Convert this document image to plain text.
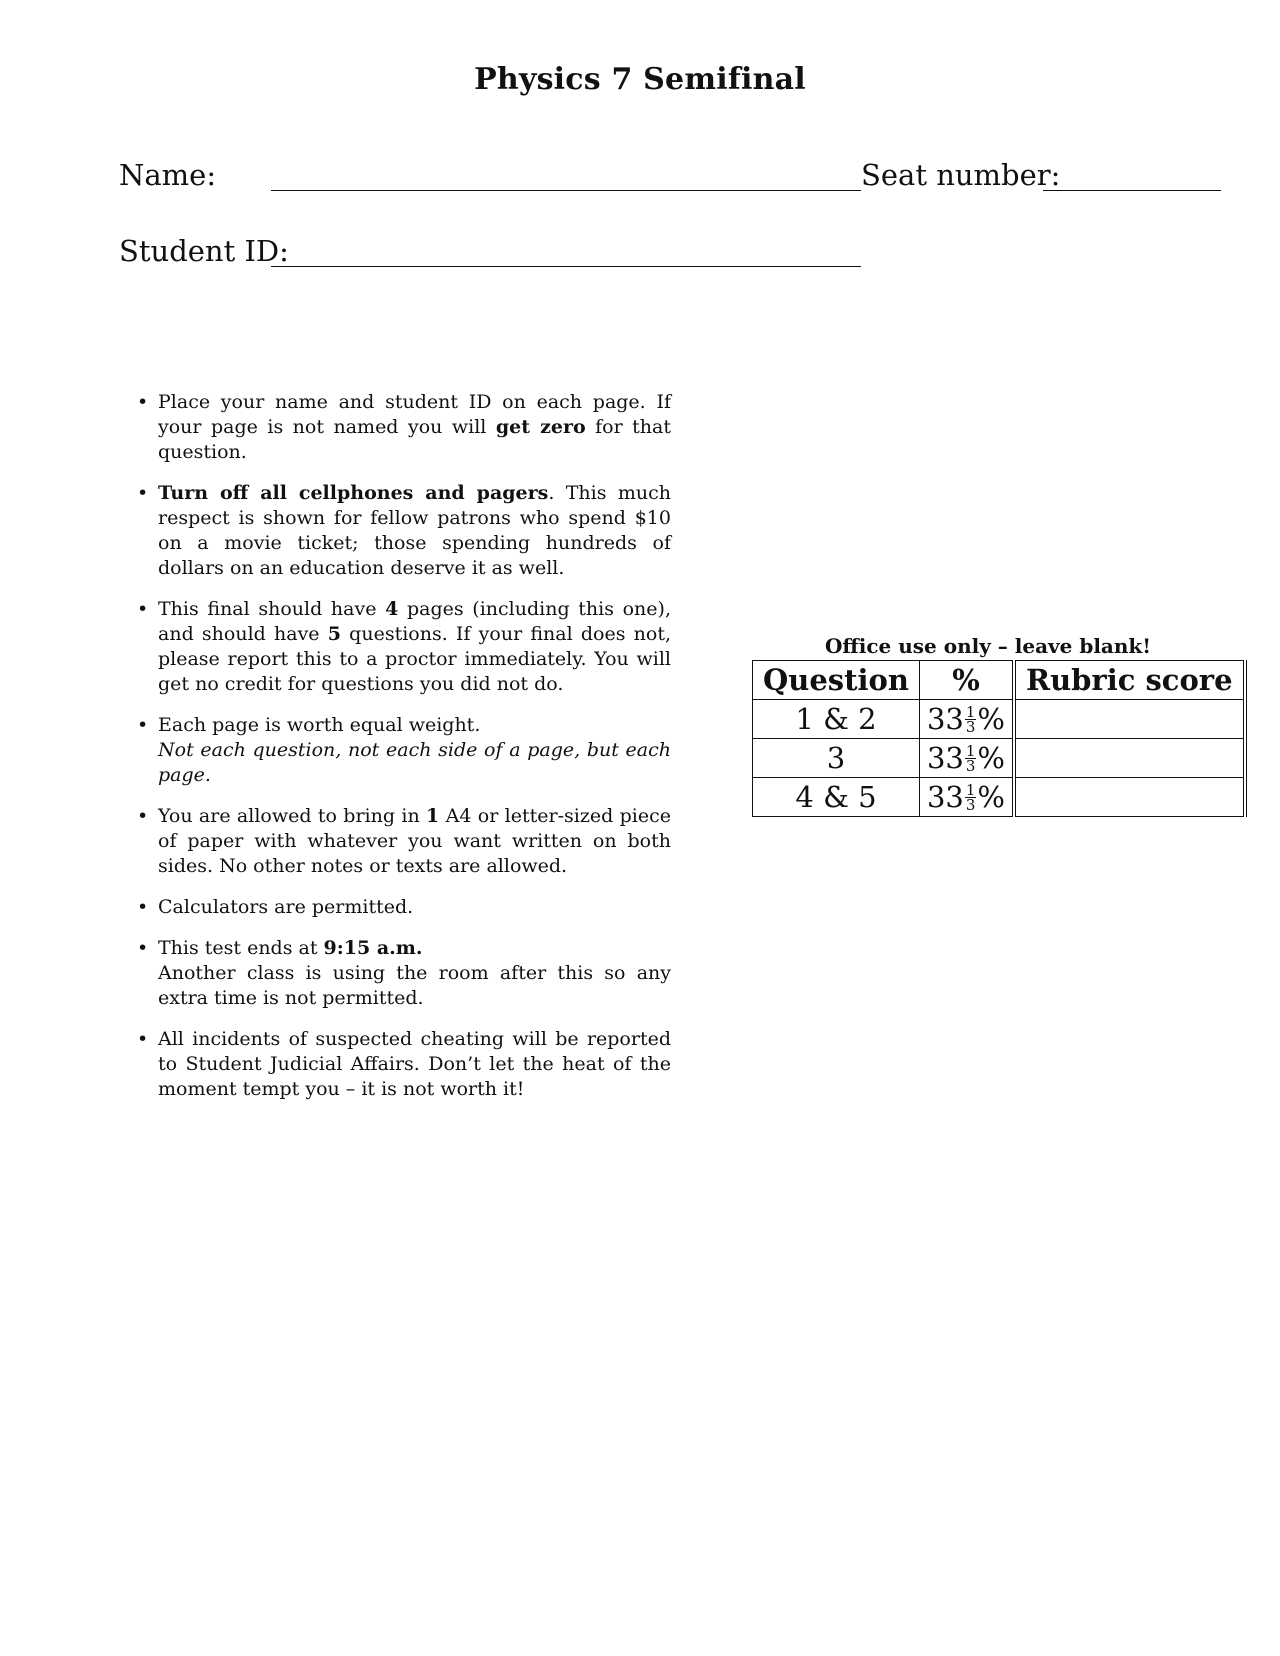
Physics 7 Semifinal
Name:	Seat number:
Student ID:
• Place your name and student ID on each page. If your page is not named you will get zero for that question.
• Turn off all cellphones and pagers. This much respect is shown for fellow patrons who spend $10 on a movie ticket; those spending hundreds of dollars on an education deserve it as well.
• This final should have 4 pages (including this one), and should have 5 questions. If your final does not, please report this to a proctor immediately. You will get no credit for questions you did not do.
• Each page is worth equal weight.
Not each question, not each side of a page, but each page.
• You are allowed to bring in 1 A4 or letter-sized piece of paper with whatever you want written on both sides. No other notes or texts are allowed.
• Calculators are permitted.
• This test ends at 9:15 a.m.
Another class is using the room after this so any extra time is not permitted.
• All incidents of suspected cheating will be reported to Student Judicial Affairs. Don’t let the heat of the moment tempt you – it is not worth it!
Office use only – leave blank!
Question	%	Rubric score
1 & 2	$33 \frac{1}{3}$ %	
3	$33 \frac{1}{3}$ %	
4 & 5	$33 \frac{1}{3}$ %	
